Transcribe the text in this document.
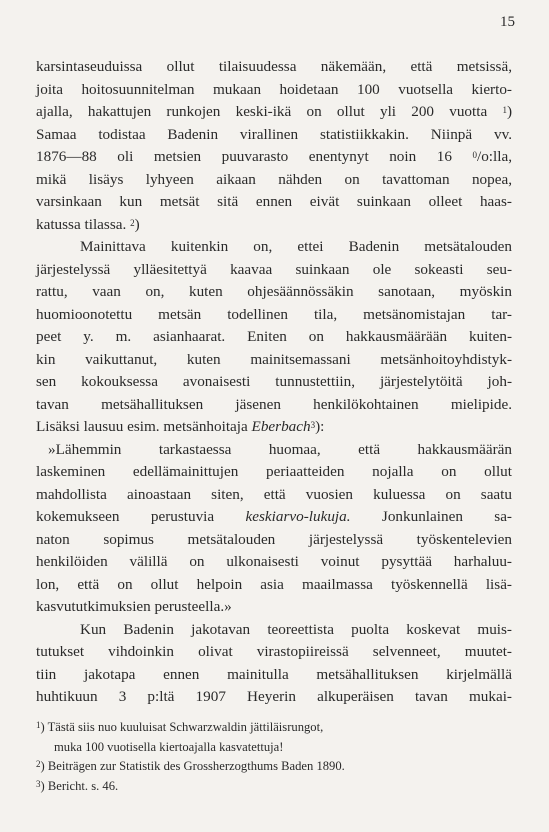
15
karsintaseuduissa ollut tilaisuudessa näkemään, että metsissä,
joita hoitosuunnitelman mukaan hoidetaan 100 vuotsella kierto-
ajalla, hakattujen runkojen keski-ikä on ollut yli 200 vuotta $^1$)
Samaa todistaa Badenin virallinen statistiikkakin. Niinpä vv.
1876—88 oli metsien puuvarasto enentynyt noin 16 $^0$/o:lla,
mikä lisäys lyhyeen aikaan nähden on tavattoman nopea,
varsinkaan kun metsät sitä ennen eivät suinkaan olleet haas-
katussa tilassa. $^2$)
Mainittava kuitenkin on, ettei Badenin metsätalouden
järjestelyssä ylläesitettyä kaavaa suinkaan ole sokeasti seu-
rattu, vaan on, kuten ohjesäännössäkin sanotaan, myöskin
huomioonotettu metsän todellinen tila, metsänomistajan tar-
peet y. m. asianhaarat. Eniten on hakkausmäärään kuiten-
kin vaikuttanut, kuten mainitsemassani metsänhoitoyhdistyk-
sen kokouksessa avonaisesti tunnustettiin, järjestelytöitä joh-
tavan metsähallituksen jäsenen henkilökohtainen mielipide.
Lisäksi lausuu esim. metsänhoitaja Eberbach$^3$):
»Lähemmin tarkastaessa huomaa, että hakkausmäärän
laskeminen edellämainittujen periaatteiden nojalla on ollut
mahdollista ainoastaan siten, että vuosien kuluessa on saatu
kokemukseen perustuvia keskiarvo-lukuja. Jonkunlainen sa-
naton sopimus metsätalouden järjestelyssä työskentelevien
henkilöiden välillä on ulkonaisesti voinut pysyttää harhaluu-
lon, että on ollut helpoin asia maailmassa työskennellä lisä-
kasvututkimuksien perusteella.»
Kun Badenin jakotavan teoreettista puolta koskevat muis-
tutukset vihdoinkin olivat virastopiireissä selvenneet, muutet-
tiin jakotapa ennen mainitulla metsähallituksen kirjelmällä
huhtikuun 3 p:ltä 1907 Heyerin alkuperäisen tavan mukai-
$^1$) Tästä siis nuo kuuluisat Schwarzwaldin jättiläisrungot,
muka 100 vuotisella kiertoajalla kasvatettuja!
$^2$) Beiträgen zur Statistik des Grossherzogthums Baden 1890.
$^3$) Bericht. s. 46.
